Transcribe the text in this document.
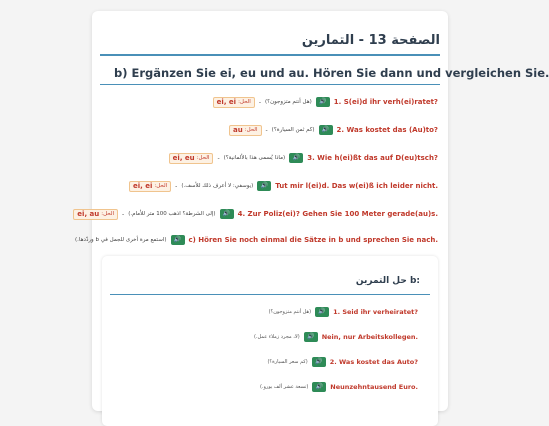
الصفحة 13 - التمارين
b) Ergänzen Sie ei, eu und au. Hören Sie dann und vergleichen Sie.
1. S(ei)d ihr verh(ei)ratet?
🔊
(هل أنتم متزوجون؟)
-
الحل:
ei, ei
2. Was kostet das (Au)to?
🔊
(كم ثمن السيارة؟)
-
الحل:
au
3. Wie h(ei)ßt das auf D(eu)tsch?
🔊
(ماذا يُسمى هذا بالألمانية؟)
-
الحل:
ei, eu
Tut mir l(ei)d. Das w(ei)ß ich leider nicht.
🔊
(يوسفي: لا أعرف ذلك للأسف.)
-
الحل:
ei, ei
4. Zur Poliz(ei)? Gehen Sie 100 Meter gerade(au)s.
🔊
(إلى الشرطة؟ اذهب 100 متر للأمام.)
-
الحل:
ei, au
c) Hören Sie noch einmal die Sätze in b und sprechen Sie nach.
🔊
(استمع مرة أخرى للجمل في b وردّدها.)
حل التمرين b:
1. Seid ihr verheiratet?
🔊
(هل أنتم متزوجون؟)
Nein, nur Arbeitskollegen.
🔊
(لا، مجرد زملاء عمل.)
2. Was kostet das Auto?
🔊
(كم سعر السيارة؟)
Neunzehntausend Euro.
🔊
(تسعة عشر ألف يورو.)
